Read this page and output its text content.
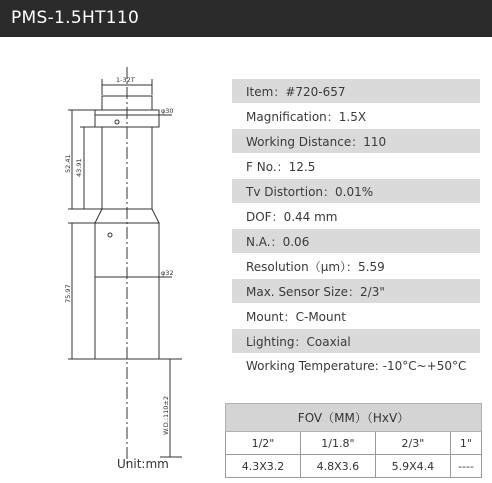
PMS-1.5HT110
1-32T
φ30
φ32
43.91
52.41
75.97
W.D.:110±2
Unit:mm
Item：#720-657
Magnification：1.5X
Working Distance：110
F No.：12.5
Tv Distortion：0.01%
DOF：0.44 mm
N.A.：0.06
Resolution（μm）：5.59
Max. Sensor Size：2/3"
Mount：C-Mount
Lighting：Coaxial
Working Temperature: -10°C~+50°C
FOV（MM）（HxV）			
1/2"	1/1.8"	2/3"	1"
4.3X3.2	4.8X3.6	5.9X4.4	----
